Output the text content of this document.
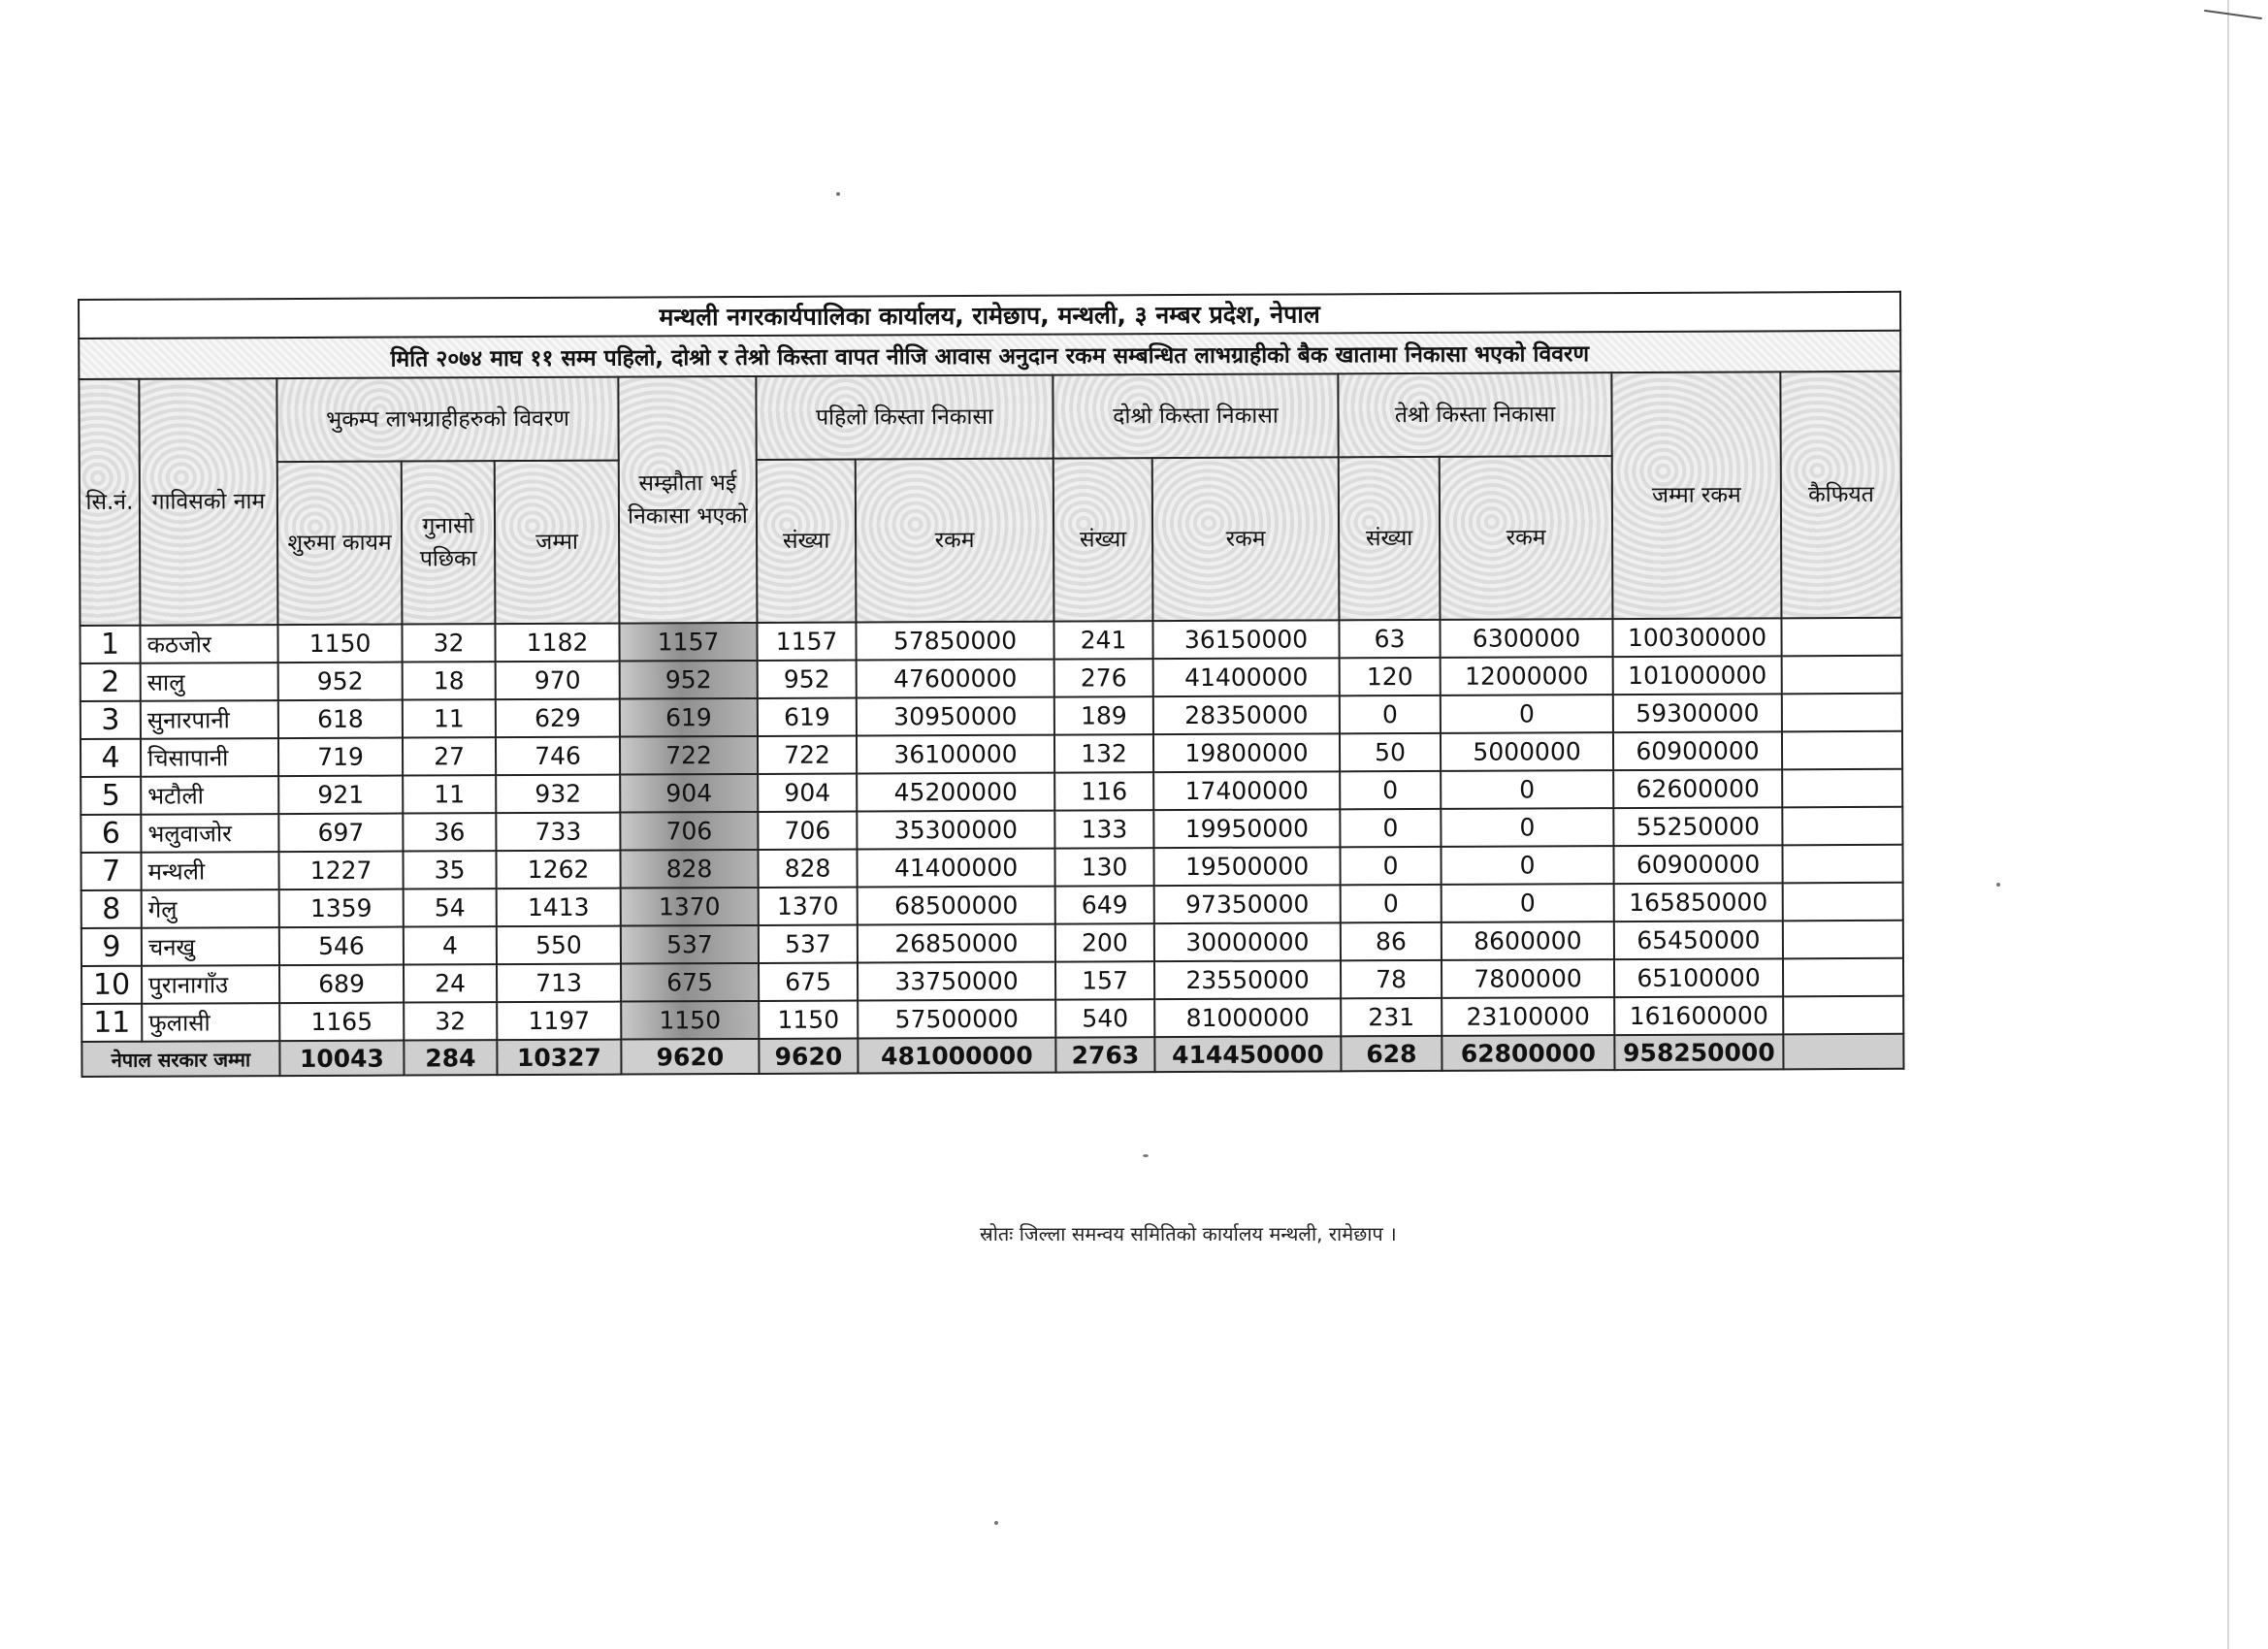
मन्थली नगरकार्यपालिका कार्यालय, रामेछाप, मन्थली, ३ नम्बर प्रदेश, नेपाल													
मिति २०७४ माघ ११ सम्म पहिलो, दोश्रो र तेश्रो किस्ता वापत नीजि आवास अनुदान रकम सम्बन्धित लाभग्राहीको बैक खातामा निकासा भएको विवरण													
सि.नं.	गाविसको नाम	भुकम्प लाभग्राहीहरुको विवरण			सम्झौता भई निकासा भएको	पहिलो किस्ता निकासा		दोश्रो किस्ता निकासा		तेश्रो किस्ता निकासा		जम्मा रकम	कैफियत
		शुरुमा कायम	गुनासो पछिका	जम्मा		संख्या	रकम	संख्या	रकम	संख्या	रकम		
1	कठजोर	1150	32	1182	1157	1157	57850000	241	36150000	63	6300000	100300000	
2	सालु	952	18	970	952	952	47600000	276	41400000	120	12000000	101000000	
3	सुनारपानी	618	11	629	619	619	30950000	189	28350000	0	0	59300000	
4	चिसापानी	719	27	746	722	722	36100000	132	19800000	50	5000000	60900000	
5	भटौली	921	11	932	904	904	45200000	116	17400000	0	0	62600000	
6	भलुवाजोर	697	36	733	706	706	35300000	133	19950000	0	0	55250000	
7	मन्थली	1227	35	1262	828	828	41400000	130	19500000	0	0	60900000	
8	गेलु	1359	54	1413	1370	1370	68500000	649	97350000	0	0	165850000	
9	चनखु	546	4	550	537	537	26850000	200	30000000	86	8600000	65450000	
10	पुरानागाँउ	689	24	713	675	675	33750000	157	23550000	78	7800000	65100000	
11	फुलासी	1165	32	1197	1150	1150	57500000	540	81000000	231	23100000	161600000	
नेपाल सरकार जम्मा		10043	284	10327	9620	9620	481000000	2763	414450000	628	62800000	958250000	
स्रोतः जिल्ला समन्वय समितिको कार्यालय मन्थली, रामेछाप ।
